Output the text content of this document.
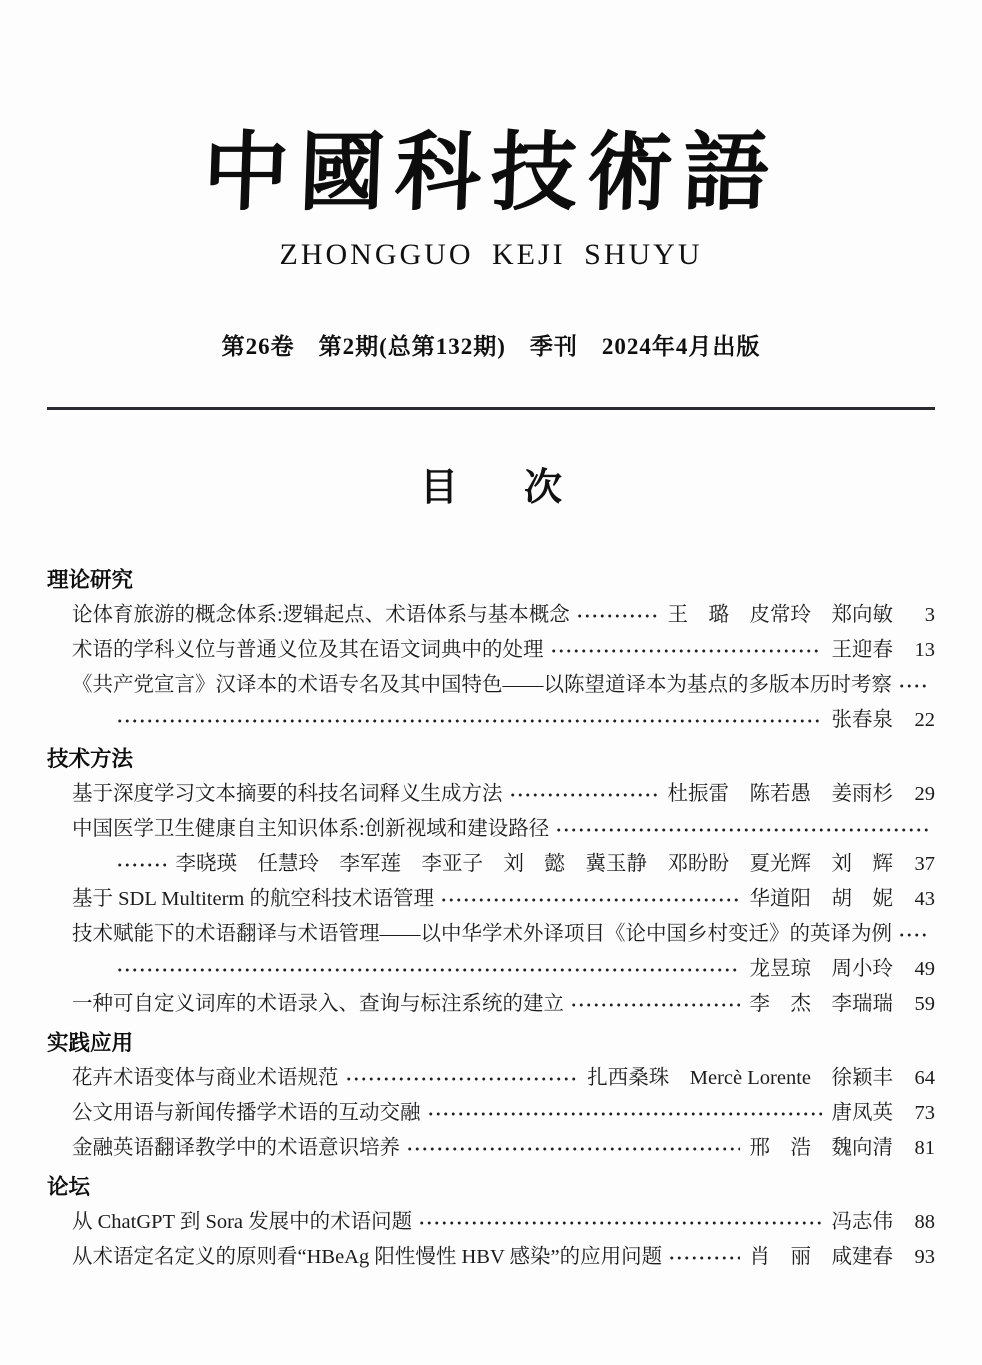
中國科技術語
ZHONGGUO KEJI SHUYU
第26卷　第2期(总第132期)　季刊　2024年4月出版
目 次
理论研究
论体育旅游的概念体系:逻辑起点、术语体系与基本概念	王　璐　皮常玲　郑向敏	3
术语的学科义位与普通义位及其在语文词典中的处理	王迎春	13
《共产党宣言》汉译本的术语专名及其中国特色——以陈望道译本为基点的多版本历时考察
张春泉	22
技术方法
基于深度学习文本摘要的科技名词释义生成方法	杜振雷　陈若愚　姜雨杉	29
中国医学卫生健康自主知识体系:创新视域和建设路径
李晓瑛　任慧玲　李军莲　李亚子　刘　懿　冀玉静　邓盼盼　夏光辉　刘　辉	37
基于 SDL Multiterm 的航空科技术语管理	华道阳　胡　妮	43
技术赋能下的术语翻译与术语管理——以中华学术外译项目《论中国乡村变迁》的英译为例
龙昱琼　周小玲	49
一种可自定义词库的术语录入、查询与标注系统的建立	李　杰　李瑞瑞	59
实践应用
花卉术语变体与商业术语规范	扎西桑珠　Mercè Lorente　徐颖丰	64
公文用语与新闻传播学术语的互动交融	唐凤英	73
金融英语翻译教学中的术语意识培养	邢　浩　魏向清	81
论坛
从 ChatGPT 到 Sora 发展中的术语问题	冯志伟	88
从术语定名定义的原则看“HBeAg 阳性慢性 HBV 感染”的应用问题	肖　丽　咸建春	93
